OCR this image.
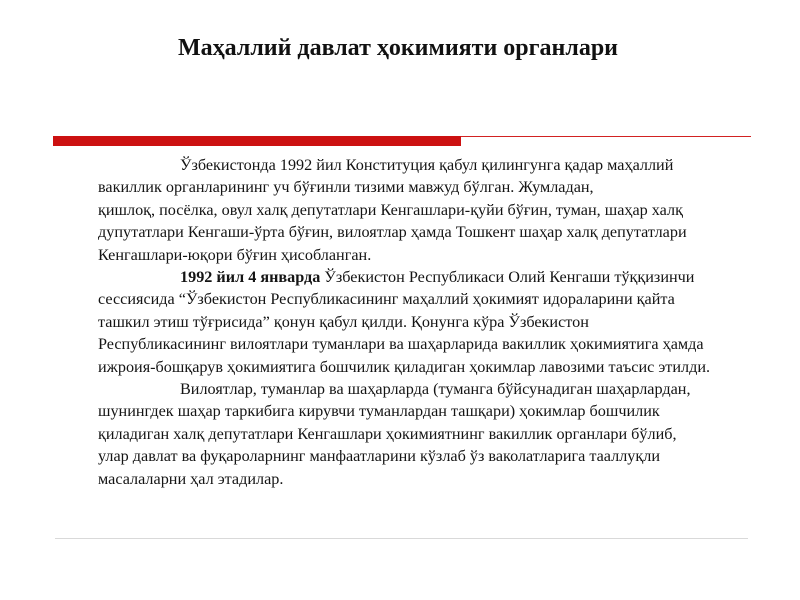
Маҳаллий давлат ҳокимияти органлари

Ўзбекистонда 1992 йил Конституция қабул қилингунга қадар маҳаллий
вакиллик органларининг уч бўғинли тизими мавжуд бўлган. Жумладан,
қишлоқ, посёлка, овул халқ депутатлари Кенгашлари-қуйи бўғин, туман, шаҳар халқ
дупутатлари Кенгаши-ўрта бўғин, вилоятлар ҳамда Тошкент шаҳар халқ депутатлари
Кенгашлари-юқори бўғин ҳисобланган.

1992 йил 4 январда Ўзбекистон Республикаси Олий Кенгаши тўққизинчи
сессиясида “Ўзбекистон Республикасининг маҳаллий ҳокимият идораларини қайта
ташкил этиш тўғрисида” қонун қабул қилди. Қонунга кўра Ўзбекистон
Республикасининг вилоятлари туманлари ва шаҳарларида вакиллик ҳокимиятига ҳамда
ижроия-бошқарув ҳокимиятига бошчилик қиладиган ҳокимлар лавозими таъсис этилди.

Вилоятлар, туманлар ва шаҳарларда (туманга бўйсунадиган шаҳарлардан,
шунингдек шаҳар таркибига кирувчи туманлардан ташқари) ҳокимлар бошчилик
қиладиган халқ депутатлари Кенгашлари ҳокимиятнинг вакиллик органлари бўлиб,
улар давлат ва фуқароларнинг манфаатларини кўзлаб ўз ваколатларига тааллуқли
масалаларни ҳал этадилар.
